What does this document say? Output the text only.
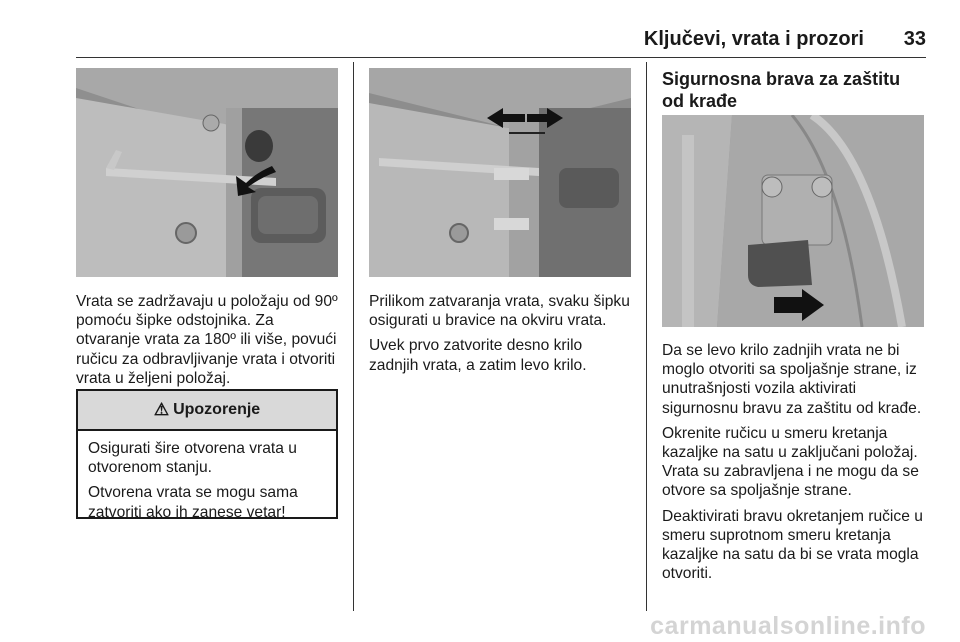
Ključevi, vrata i prozori 33

Vrata se zadržavaju u položaju od 90º pomoću šipke odstojnika. Za otvaranje vrata za 180º ili više, povući ručicu za odbravljivanje vrata i otvoriti vrata u željeni položaj.

⚠ Upozorenje

Osigurati šire otvorena vrata u otvorenom stanju.

Otvorena vrata se mogu sama zatvoriti ako ih zanese vetar!

Prilikom zatvaranja vrata, svaku šipku osigurati u bravice na okviru vrata.

Uvek prvo zatvorite desno krilo zadnjih vrata, a zatim levo krilo.

Sigurnosna brava za zaštitu od krađe

Da se levo krilo zadnjih vrata ne bi moglo otvoriti sa spoljašnje strane, iz unutrašnjosti vozila aktivirati sigurnosnu bravu za zaštitu od krađe.

Okrenite ručicu u smeru kretanja kazaljke na satu u zaključani položaj. Vrata su zabravljena i ne mogu da se otvore sa spoljašnje strane.

Deaktivirati bravu okretanjem ručice u smeru suprotnom smeru kretanja kazaljke na satu da bi se vrata mogla otvoriti.

carmanualsonline.info
